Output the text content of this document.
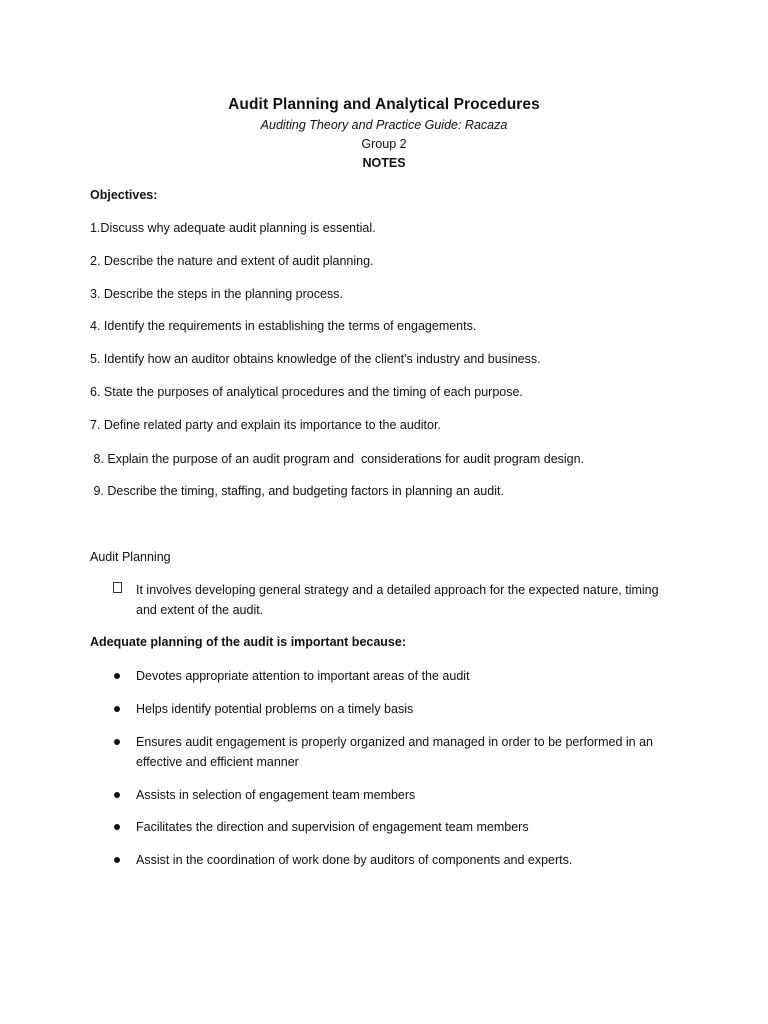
Audit Planning and Analytical Procedures
Auditing Theory and Practice Guide: Racaza
Group 2
NOTES
Objectives:
1.Discuss why adequate audit planning is essential.
2. Describe the nature and extent of audit planning.
3. Describe the steps in the planning process.
4. Identify the requirements in establishing the terms of engagements.
5. Identify how an auditor obtains knowledge of the client's industry and business.
6. State the purposes of analytical procedures and the timing of each purpose.
7. Define related party and explain its importance to the auditor.
8. Explain the purpose of an audit program and  considerations for audit program design.
9. Describe the timing, staffing, and budgeting factors in planning an audit.
Audit Planning
It involves developing general strategy and a detailed approach for the expected nature, timing and extent of the audit.
Adequate planning of the audit is important because:
Devotes appropriate attention to important areas of the audit
Helps identify potential problems on a timely basis
Ensures audit engagement is properly organized and managed in order to be performed in an effective and efficient manner
Assists in selection of engagement team members
Facilitates the direction and supervision of engagement team members
Assist in the coordination of work done by auditors of components and experts.
